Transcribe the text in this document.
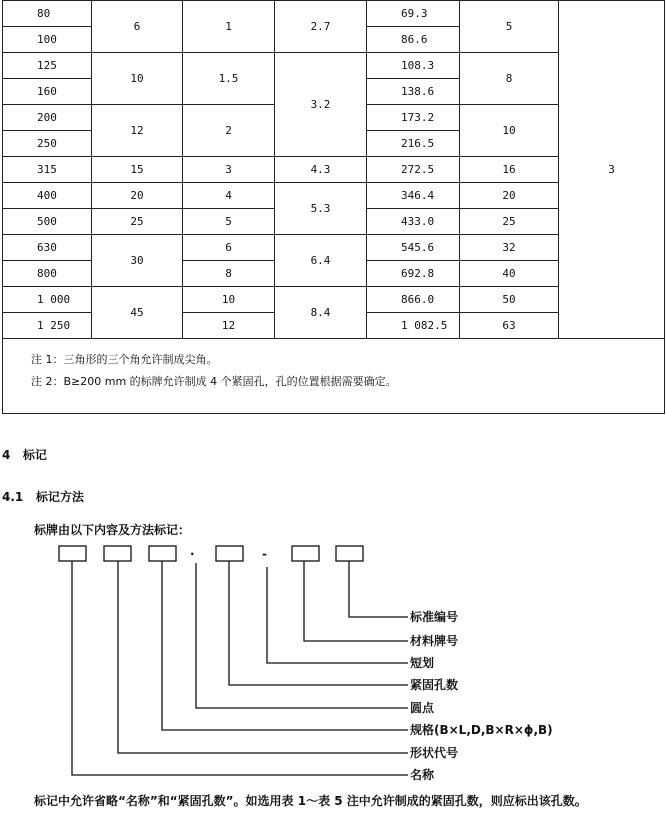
80	6	1	2.7	69.3	5	3
100				86.6		
125	10	1.5	3.2	108.3	8	
160				138.6		
200	12	2		173.2	10	
250				216.5		
315	15	3	4.3	272.5	16	
400	20	4	5.3	346.4	20	
500	25	5		433.0	25	
630	30	6	6.4	545.6	32	
800		8		692.8	40	
1 000	45	10	8.4	866.0	50	
1 250		12		1 082.5	63	

注 1：三角形的三个角允许制成尖角。
注 2：B≥200 mm 的标牌允许制成 4 个紧固孔，孔的位置根据需要确定。						
4 标记
4.1 标记方法
标牌由以下内容及方法标记：
·	-
标准编号
材料牌号
短划
紧固孔数
圆点
规格(B×L,D,B×R×ϕ,B)
形状代号
名称
标记中允许省略“名称”和“紧固孔数”。如选用表 1～表 5 注中允许制成的紧固孔数，则应标出该孔数。
